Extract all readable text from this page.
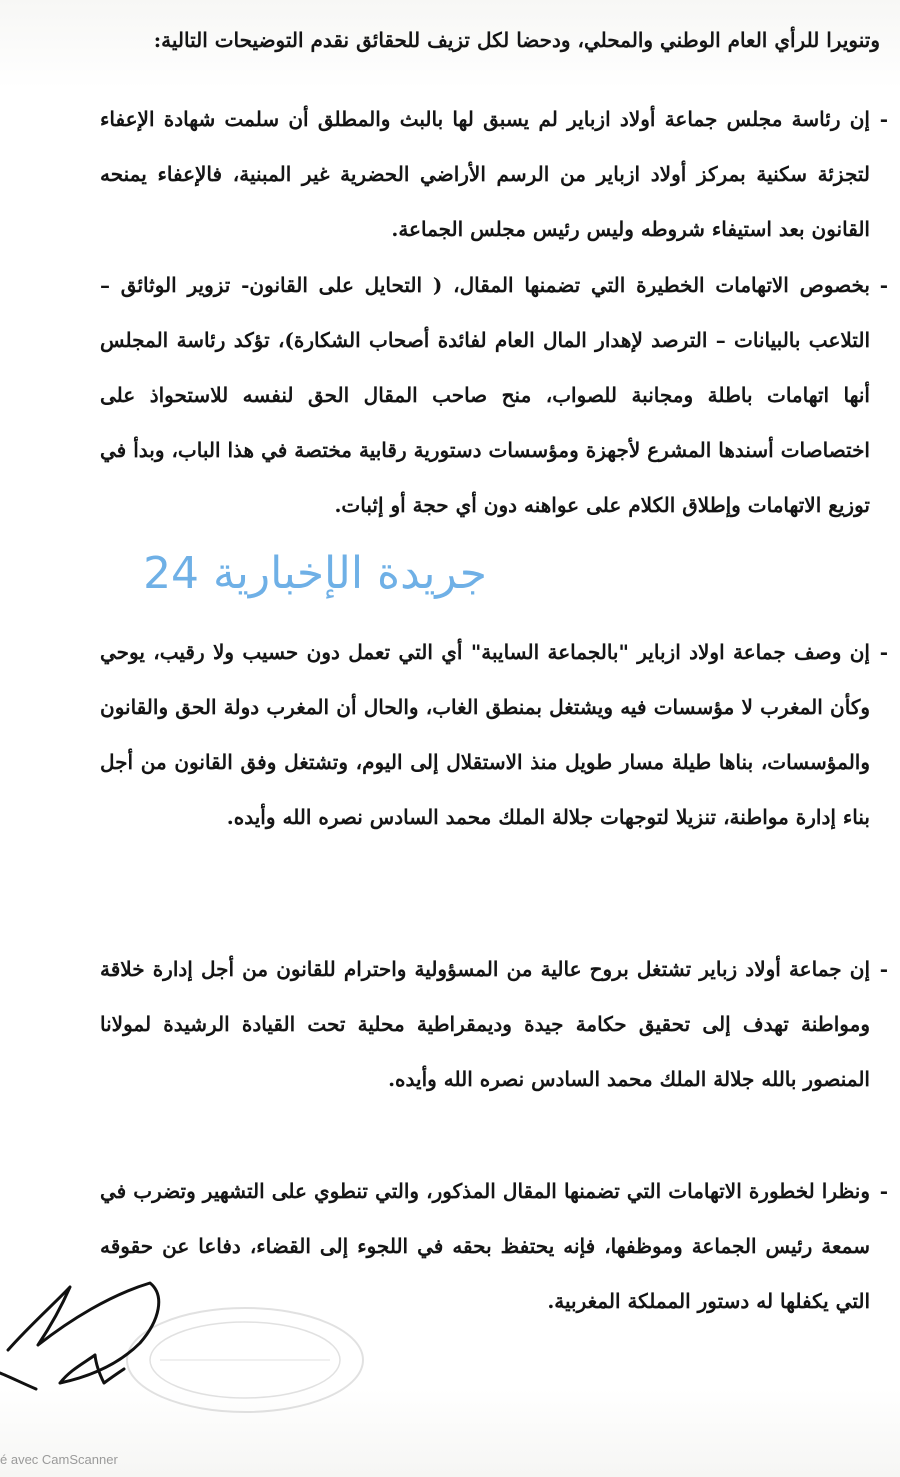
وتنويرا للرأي العام الوطني والمحلي، ودحضا لكل تزيف للحقائق نقدم التوضيحات التالية:
-
إن رئاسة مجلس جماعة أولاد ازباير لم يسبق لها بالبث والمطلق أن سلمت شهادة الإعفاء لتجزئة سكنية بمركز أولاد ازباير من الرسم الأراضي الحضرية غير المبنية، فالإعفاء يمنحه القانون بعد استيفاء شروطه وليس رئيس مجلس الجماعة.
-
بخصوص الاتهامات الخطيرة التي تضمنها المقال، ( التحايل على القانون- تزوير الوثائق – التلاعب بالبيانات – الترصد لإهدار المال العام لفائدة أصحاب الشكارة)، تؤكد رئاسة المجلس أنها اتهامات باطلة ومجانبة للصواب، منح صاحب المقال الحق لنفسه للاستحواذ على اختصاصات أسندها المشرع لأجهزة ومؤسسات دستورية رقابية مختصة في هذا الباب، وبدأ في توزيع الاتهامات وإطلاق الكلام على عواهنه دون أي حجة أو إثبات.
جريدة الإخبارية 24
-
إن وصف جماعة اولاد ازباير "بالجماعة السايبة" أي التي تعمل دون حسيب ولا رقيب، يوحي وكأن المغرب لا مؤسسات فيه ويشتغل بمنطق الغاب، والحال أن المغرب دولة الحق والقانون والمؤسسات، بناها طيلة مسار طويل منذ الاستقلال إلى اليوم، وتشتغل وفق القانون من أجل بناء إدارة مواطنة، تنزيلا لتوجهات جلالة الملك محمد السادس نصره الله وأيده.
-
إن جماعة أولاد زباير تشتغل بروح عالية من المسؤولية واحترام للقانون من أجل إدارة خلاقة ومواطنة تهدف إلى تحقيق حكامة جيدة وديمقراطية محلية تحت القيادة الرشيدة لمولانا المنصور بالله جلالة الملك محمد السادس نصره الله وأيده.
-
ونظرا لخطورة الاتهامات التي تضمنها المقال المذكور، والتي تنطوي على التشهير وتضرب في سمعة رئيس الجماعة وموظفها، فإنه يحتفظ بحقه في اللجوء إلى القضاء، دفاعا عن حقوقه التي يكفلها له دستور المملكة المغربية.
é avec CamScanner
